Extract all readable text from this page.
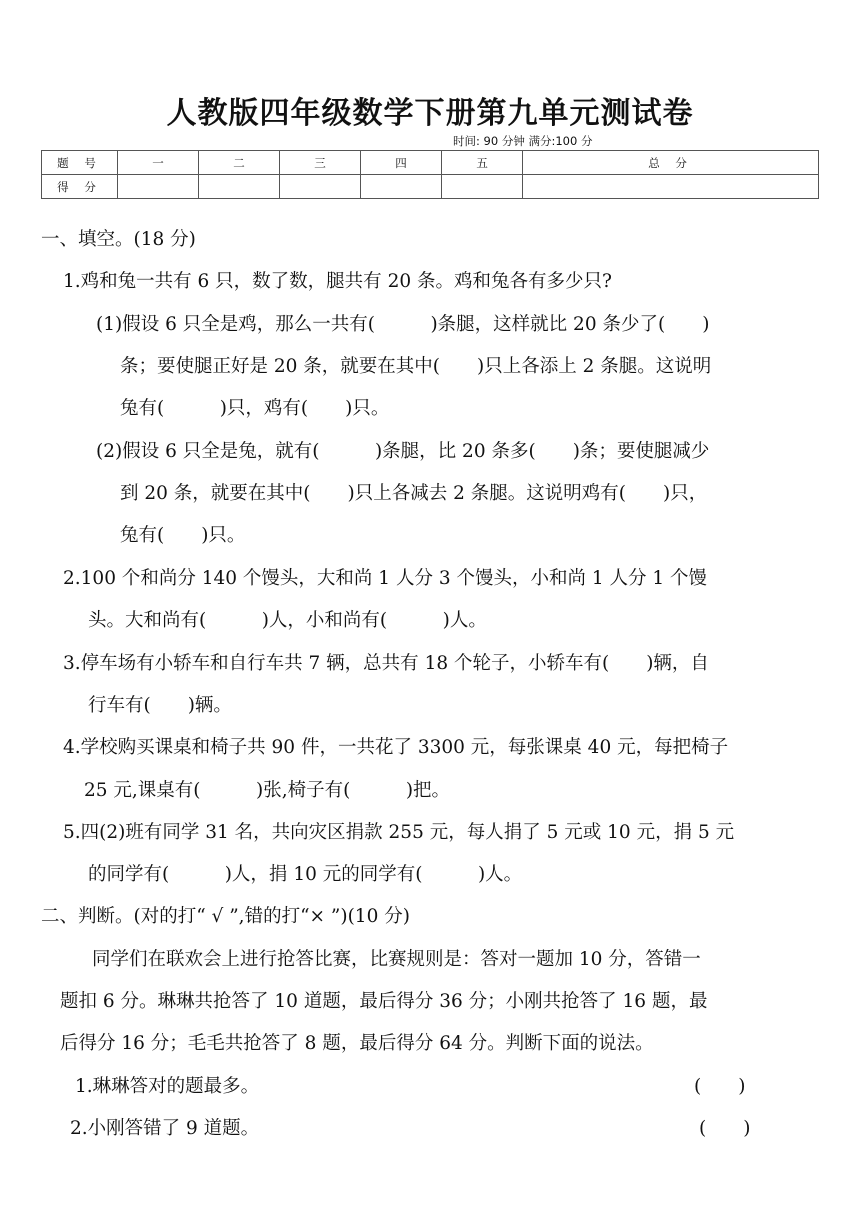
人教版四年级数学下册第九单元测试卷
时间: 90 分钟 满分:100 分
题 号	一	二	三	四	五	总 分
得 分						
一、填空。(18 分)
1.鸡和兔一共有 6 只，数了数，腿共有 20 条。鸡和兔各有多少只?
(1)假设 6 只全是鸡，那么一共有(　　　)条腿，这样就比 20 条少了(　　)
条；要使腿正好是 20 条，就要在其中(　　)只上各添上 2 条腿。这说明
兔有(　　　)只，鸡有(　　)只。
(2)假设 6 只全是兔，就有(　　　)条腿，比 20 条多(　　)条；要使腿减少
到 20 条，就要在其中(　　)只上各减去 2 条腿。这说明鸡有(　　)只，
兔有(　　)只。
2.100 个和尚分 140 个馒头，大和尚 1 人分 3 个馒头，小和尚 1 人分 1 个馒
头。大和尚有(　　　)人，小和尚有(　　　)人。
3.停车场有小轿车和自行车共 7 辆，总共有 18 个轮子，小轿车有(　　)辆，自
行车有(　　)辆。
4.学校购买课桌和椅子共 90 件，一共花了 3300 元，每张课桌 40 元，每把椅子
25 元,课桌有(　　　)张,椅子有(　　　)把。
5.四(2)班有同学 31 名，共向灾区捐款 255 元，每人捐了 5 元或 10 元，捐 5 元
的同学有(　　　)人，捐 10 元的同学有(　　　)人。
二、判断。(对的打“ √ ”,错的打“× ”)(10 分)
同学们在联欢会上进行抢答比赛，比赛规则是：答对一题加 10 分，答错一
题扣 6 分。琳琳共抢答了 10 道题，最后得分 36 分；小刚共抢答了 16 题，最
后得分 16 分；毛毛共抢答了 8 题，最后得分 64 分。判断下面的说法。
1.琳琳答对的题最多。	(　　)
2.小刚答错了 9 道题。	(　　)
